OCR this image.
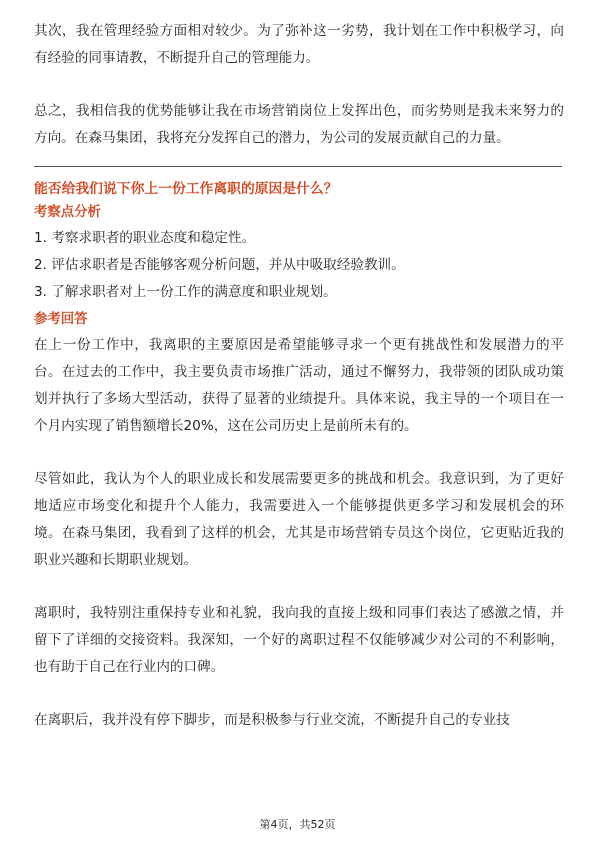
其次，我在管理经验方面相对较少。为了弥补这一劣势，我计划在工作中积极学习，向有经验的同事请教，不断提升自己的管理能力。

总之，我相信我的优势能够让我在市场营销岗位上发挥出色，而劣势则是我未来努力的方向。在森马集团，我将充分发挥自己的潜力，为公司的发展贡献自己的力量。

能否给我们说下你上一份工作离职的原因是什么？

考察点分析

1. 考察求职者的职业态度和稳定性。
2. 评估求职者是否能够客观分析问题，并从中吸取经验教训。
3. 了解求职者对上一份工作的满意度和职业规划。

参考回答

在上一份工作中，我离职的主要原因是希望能够寻求一个更有挑战性和发展潜力的平台。在过去的工作中，我主要负责市场推广活动，通过不懈努力，我带领的团队成功策划并执行了多场大型活动，获得了显著的业绩提升。具体来说，我主导的一个项目在一个月内实现了销售额增长20%，这在公司历史上是前所未有的。

尽管如此，我认为个人的职业成长和发展需要更多的挑战和机会。我意识到，为了更好地适应市场变化和提升个人能力，我需要进入一个能够提供更多学习和发展机会的环境。在森马集团，我看到了这样的机会，尤其是市场营销专员这个岗位，它更贴近我的职业兴趣和长期职业规划。

离职时，我特别注重保持专业和礼貌，我向我的直接上级和同事们表达了感激之情，并留下了详细的交接资料。我深知，一个好的离职过程不仅能够减少对公司的不利影响，也有助于自己在行业内的口碑。

在离职后，我并没有停下脚步，而是积极参与行业交流，不断提升自己的专业技

第4页，共52页
